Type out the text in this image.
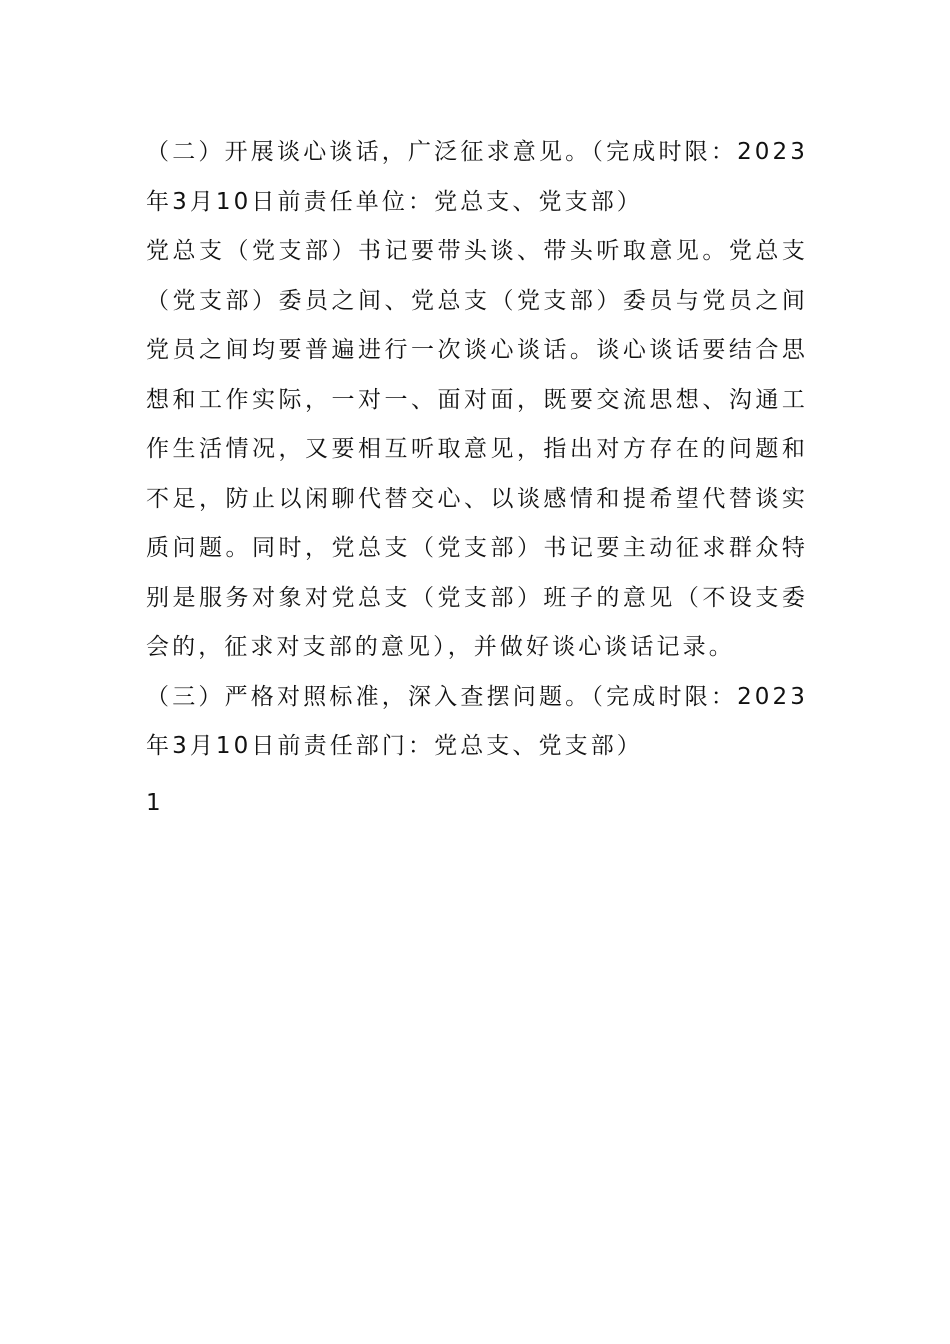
（二）开展谈心谈话，广泛征求意见。（完成时限：2023年3月10日前责任单位：党总支、党支部）

党总支（党支部）书记要带头谈、带头听取意见。党总支（党支部）委员之间、党总支（党支部）委员与党员之间党员之间均要普遍进行一次谈心谈话。谈心谈话要结合思想和工作实际，一对一、面对面，既要交流思想、沟通工作生活情况，又要相互听取意见，指出对方存在的问题和不足，防止以闲聊代替交心、以谈感情和提希望代替谈实质问题。同时，党总支（党支部）书记要主动征求群众特别是服务对象对党总支（党支部）班子的意见（不设支委会的，征求对支部的意见），并做好谈心谈话记录。

（三）严格对照标准，深入查摆问题。（完成时限：2023年3月10日前责任部门：党总支、党支部）

1
